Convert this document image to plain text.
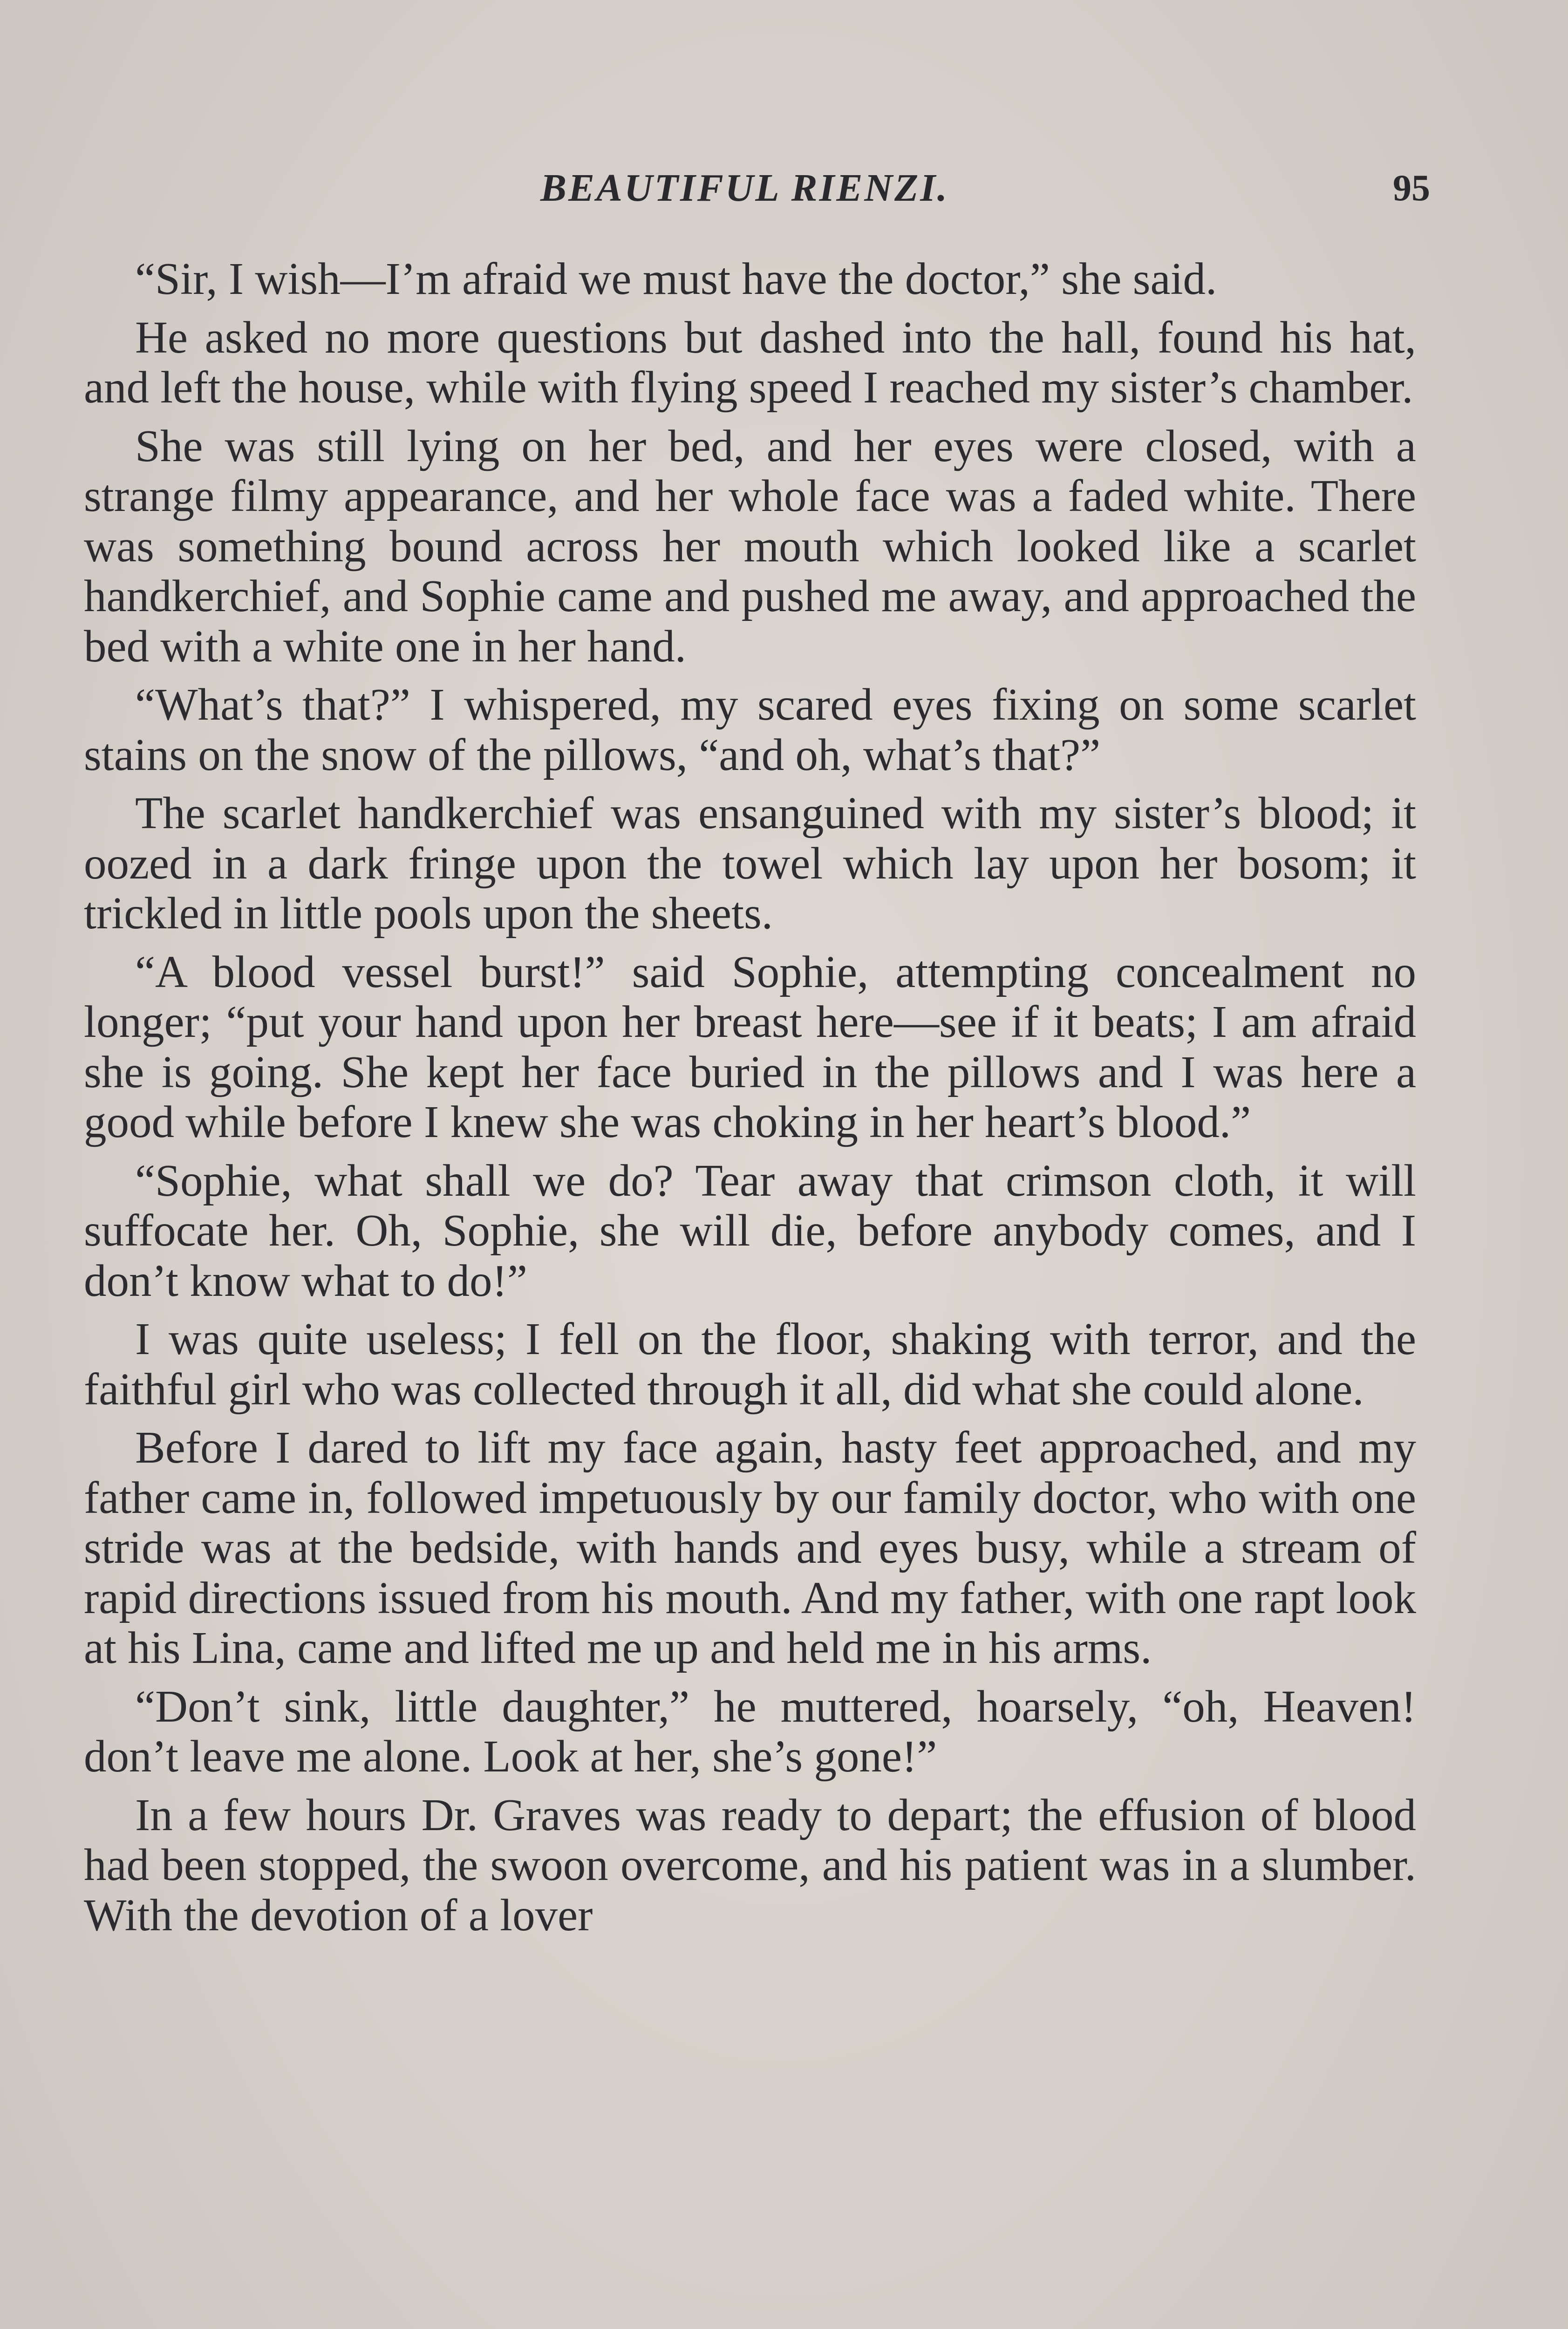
BEAUTIFUL RIENZI.	95

“Sir, I wish—I’m afraid we must have the doctor,” she said.

He asked no more questions but dashed into the hall, found his hat, and left the house, while with flying speed I reached my sister’s chamber.

She was still lying on her bed, and her eyes were closed, with a strange filmy appearance, and her whole face was a faded white. There was something bound across her mouth which looked like a scarlet handkerchief, and Sophie came and pushed me away, and approached the bed with a white one in her hand.

“What’s that?” I whispered, my scared eyes fixing on some scarlet stains on the snow of the pillows, “and oh, what’s that?”

The scarlet handkerchief was ensanguined with my sister’s blood; it oozed in a dark fringe upon the towel which lay upon her bosom; it trickled in little pools upon the sheets.

“A blood vessel burst!” said Sophie, attempting concealment no longer; “put your hand upon her breast here—see if it beats; I am afraid she is going. She kept her face buried in the pillows and I was here a good while before I knew she was choking in her heart’s blood.”

“Sophie, what shall we do? Tear away that crimson cloth, it will suffocate her. Oh, Sophie, she will die, before anybody comes, and I don’t know what to do!”

I was quite useless; I fell on the floor, shaking with terror, and the faithful girl who was collected through it all, did what she could alone.

Before I dared to lift my face again, hasty feet approached, and my father came in, followed impetuously by our family doctor, who with one stride was at the bedside, with hands and eyes busy, while a stream of rapid directions issued from his mouth. And my father, with one rapt look at his Lina, came and lifted me up and held me in his arms.

“Don’t sink, little daughter,” he muttered, hoarsely, “oh, Heaven! don’t leave me alone. Look at her, she’s gone!”

In a few hours Dr. Graves was ready to depart; the effusion of blood had been stopped, the swoon overcome, and his patient was in a slumber. With the devotion of a lover
